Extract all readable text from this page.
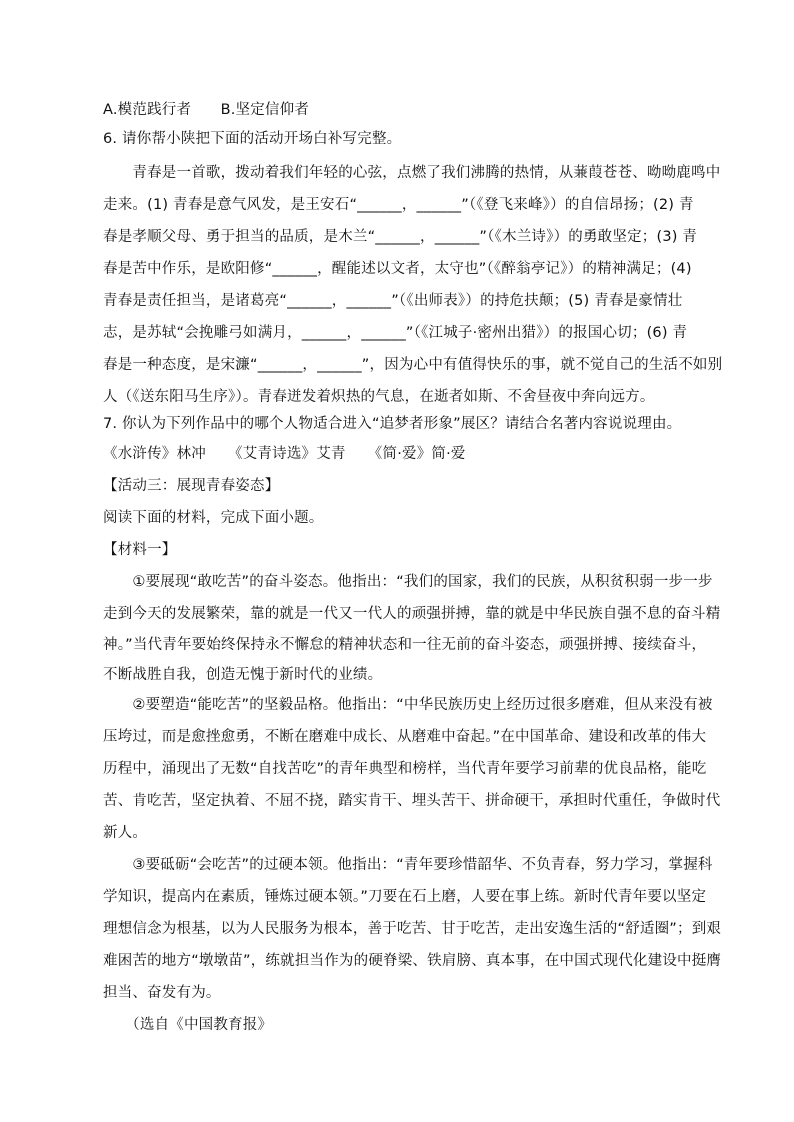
A.模范践行者　　B.坚定信仰者
6. 请你帮小陕把下面的活动开场白补写完整。
　　青春是一首歌，拨动着我们年轻的心弦，点燃了我们沸腾的热情，从蒹葭苍苍、呦呦鹿鸣中
走来。(1) 青春是意气风发，是王安石“______，______”（《登飞来峰》）的自信昂扬；(2) 青
春是孝顺父母、勇于担当的品质，是木兰“______，______”（《木兰诗》）的勇敢坚定；(3) 青
春是苦中作乐，是欧阳修“______，醒能述以文者，太守也”（《醉翁亭记》）的精神满足；(4)
青春是责任担当，是诸葛亮“______，______”（《出师表》）的持危扶颠；(5) 青春是豪情壮
志，是苏轼“会挽雕弓如满月，______，______”（《江城子·密州出猎》）的报国心切；(6) 青
春是一种态度，是宋濂“______，______”，因为心中有值得快乐的事，就不觉自己的生活不如别
人（《送东阳马生序》）。青春迸发着炽热的气息，在逝者如斯、不舍昼夜中奔向远方。
7. 你认为下列作品中的哪个人物适合进入“追梦者形象”展区？请结合名著内容说说理由。
《水浒传》林冲　　《艾青诗选》艾青　　《简·爱》简·爱
【活动三：展现青春姿态】
阅读下面的材料，完成下面小题。
【材料一】
　　①要展现“敢吃苦”的奋斗姿态。他指出：“我们的国家，我们的民族，从积贫积弱一步一步
走到今天的发展繁荣，靠的就是一代又一代人的顽强拼搏，靠的就是中华民族自强不息的奋斗精
神。”当代青年要始终保持永不懈怠的精神状态和一往无前的奋斗姿态，顽强拼搏、接续奋斗，
不断战胜自我，创造无愧于新时代的业绩。
　　②要塑造“能吃苦”的坚毅品格。他指出：“中华民族历史上经历过很多磨难，但从来没有被
压垮过，而是愈挫愈勇，不断在磨难中成长、从磨难中奋起。”在中国革命、建设和改革的伟大
历程中，涌现出了无数“自找苦吃”的青年典型和榜样，当代青年要学习前辈的优良品格，能吃
苦、肯吃苦，坚定执着、不屈不挠，踏实肯干、埋头苦干、拼命硬干，承担时代重任，争做时代
新人。
　　③要砥砺“会吃苦”的过硬本领。他指出：“青年要珍惜韶华、不负青春，努力学习，掌握科
学知识，提高内在素质，锤炼过硬本领。”刀要在石上磨，人要在事上练。新时代青年要以坚定
理想信念为根基，以为人民服务为根本，善于吃苦、甘于吃苦，走出安逸生活的“舒适圈”；到艰
难困苦的地方“墩墩苗”，练就担当作为的硬脊梁、铁肩膀、真本事，在中国式现代化建设中挺膺
担当、奋发有为。
　　（选自《中国教育报》
